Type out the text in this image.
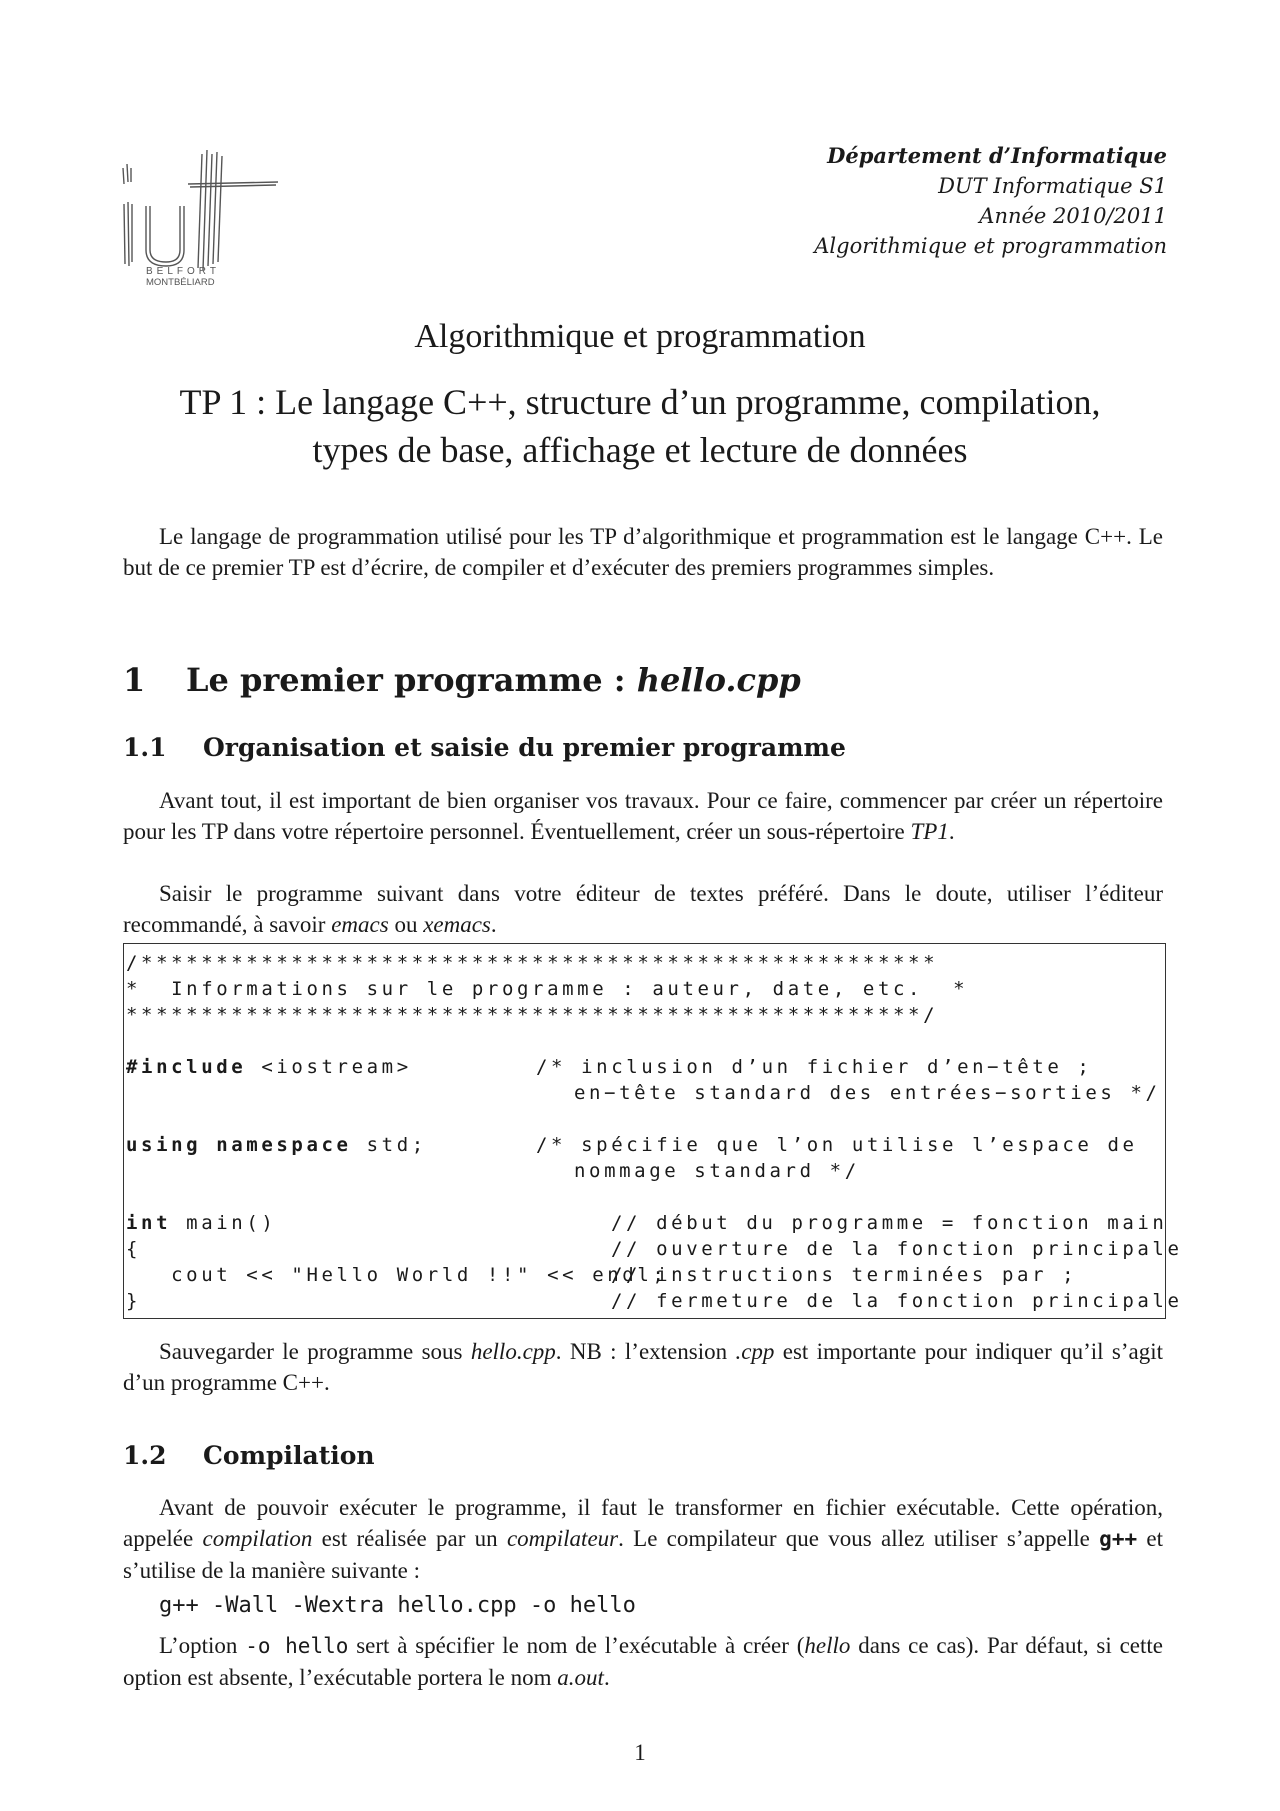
BELFORT
MONTBÉLIARD
Département d’Informatique
DUT Informatique S1
Année 2010/2011
Algorithmique et programmation
Algorithmique et programmation
TP 1 : Le langage C++, structure d’un programme, compilation,
types de base, affichage et lecture de données

Le langage de programmation utilisé pour les TP d’algorithmique et programmation est le langage C++. Le but de ce premier TP est d’écrire, de compiler et d’exécuter des premiers programmes simples.

1 Le premier programme : hello.cpp
1.1 Organisation et saisie du premier programme

Avant tout, il est important de bien organiser vos travaux. Pour ce faire, commencer par créer un répertoire pour les TP dans votre répertoire personnel. Éventuellement, créer un sous-répertoire TP1.

Saisir le programme suivant dans votre éditeur de textes préféré. Dans le doute, utiliser l’éditeur recommandé, à savoir emacs ou xemacs.

/*****************************************************
*  Informations sur le programme : auteur, date, etc.  *
*****************************************************/
#include <iostream>	/* inclusion d’un fichier d’en−tête ;
en−tête standard des entrées−sorties */
using namespace std;	/* spécifie que l’on utilise l’espace de
nommage standard */
int main()
{
cout << "Hello World !!" << endl;
}
// début du programme = fonction main
// ouverture de la fonction principale
// instructions terminées par ;
// fermeture de la fonction principale

Sauvegarder le programme sous hello.cpp. NB : l’extension .cpp est importante pour indiquer qu’il s’agit d’un programme C++.

1.2 Compilation

Avant de pouvoir exécuter le programme, il faut le transformer en fichier exécutable. Cette opération, appelée compilation est réalisée par un compilateur. Le compilateur que vous allez utiliser s’appelle g++ et s’utilise de la manière suivante :

g++ -Wall -Wextra hello.cpp -o hello

L’option -o hello sert à spécifier le nom de l’exécutable à créer (hello dans ce cas). Par défaut, si cette option est absente, l’exécutable portera le nom a.out.

1
